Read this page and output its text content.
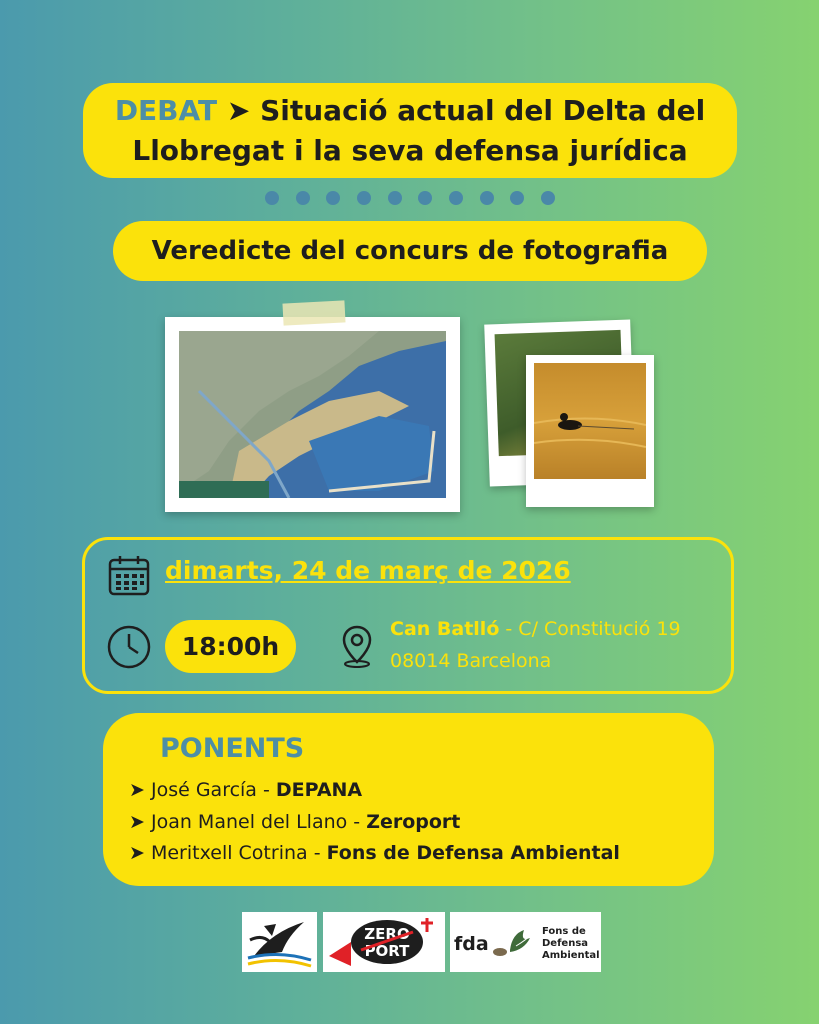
DEBAT ➤ Situació actual del Delta del
Llobregat i la seva defensa jurídica
Veredicte del concurs de fotografia
dimarts, 24 de març de 2026
18:00h
Can Batlló - C/ Constitució 19
08014 Barcelona
PONENTS
➤ José García - DEPANA
➤ Joan Manel del Llano - Zeroport
➤ Meritxell Cotrina - Fons de Defensa Ambiental
ZERO
PORT fda
Fons de
Defensa
Ambiental
